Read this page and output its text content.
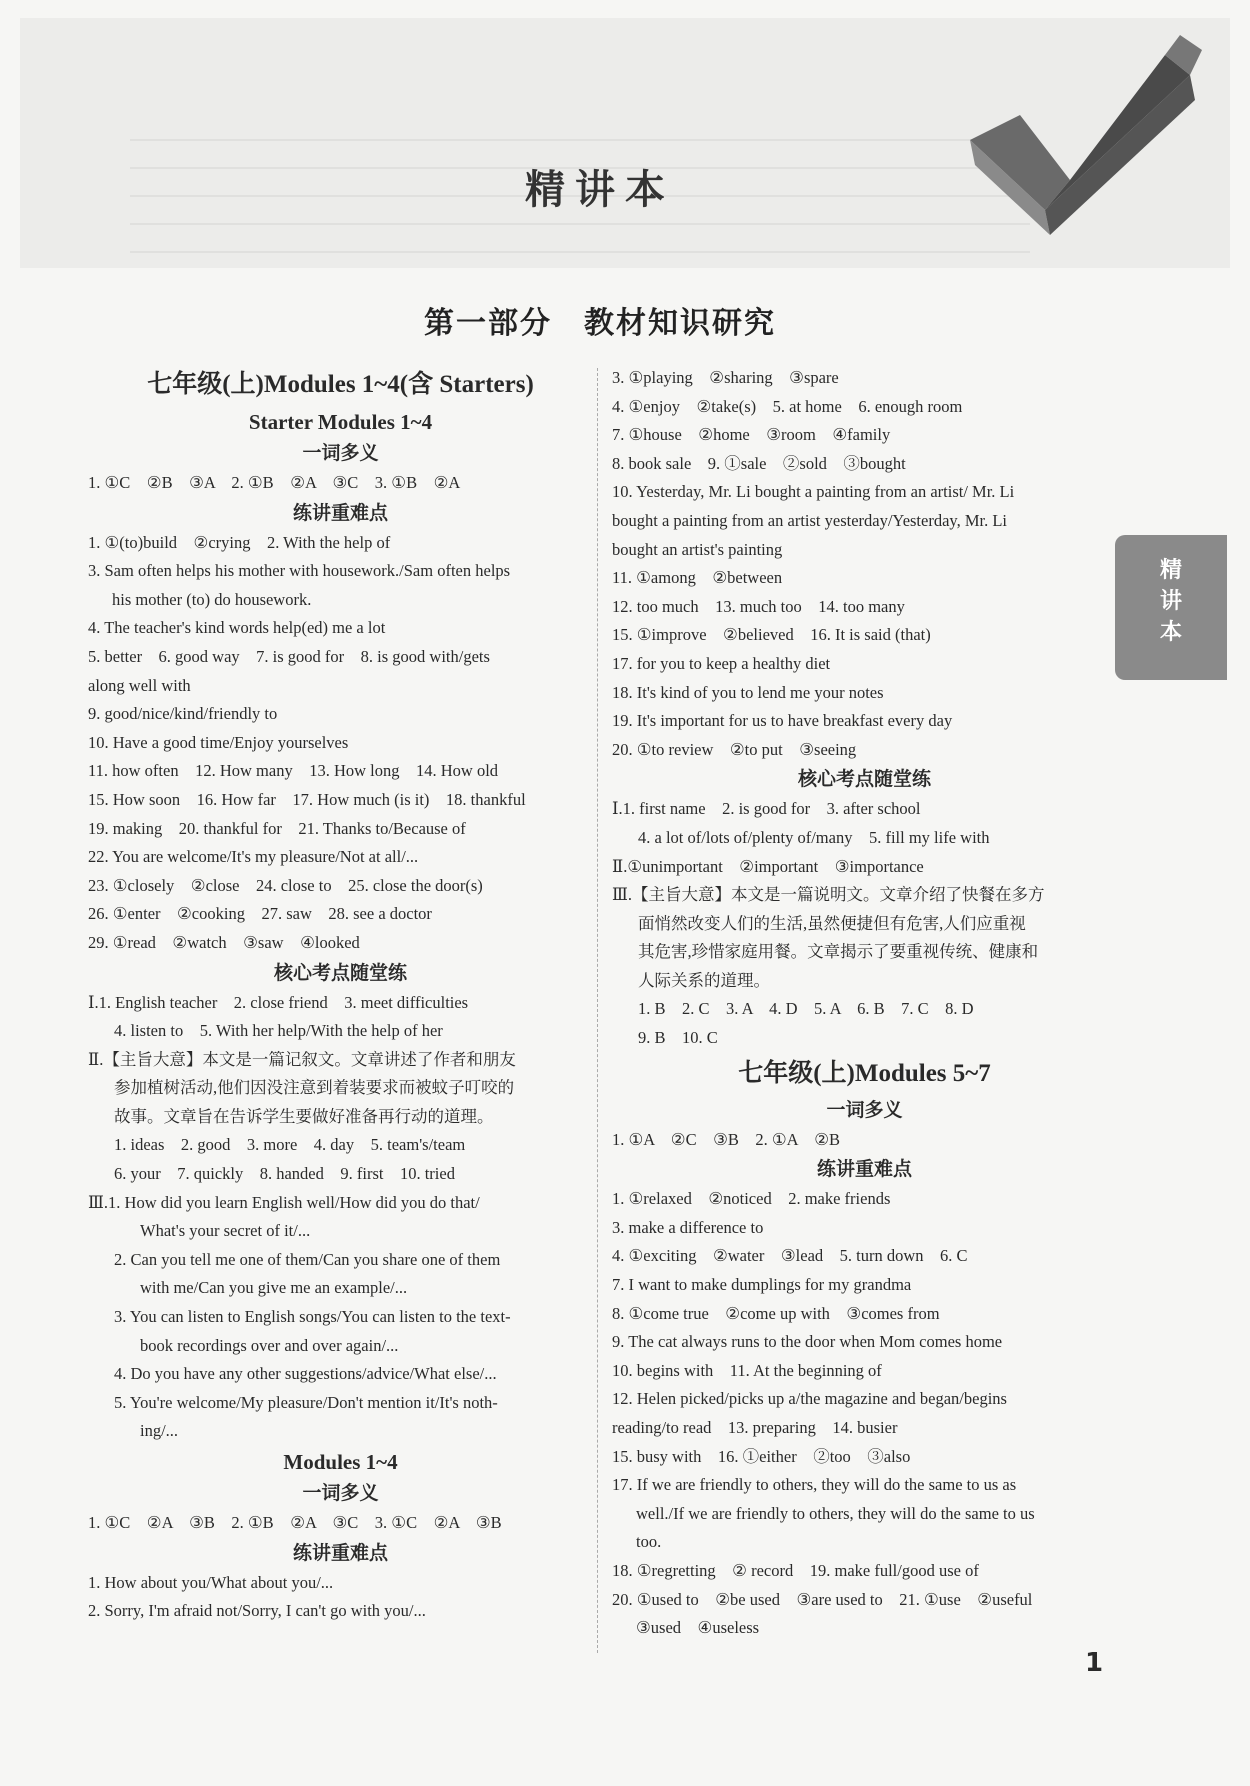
精讲本
第一部分　教材知识研究
七年级(上)Modules 1~4(含 Starters)
Starter Modules 1~4
一词多义
1. ①C　②B　③A　2. ①B　②A　③C　3. ①B　②A
练讲重难点
1. ①(to)build　②crying　2. With the help of
3. Sam often helps his mother with housework./Sam often helps
his mother (to) do housework.
4. The teacher's kind words help(ed) me a lot
5. better　6. good way　7. is good for　8. is good with/gets
along well with
9. good/nice/kind/friendly to
10. Have a good time/Enjoy yourselves
11. how often　12. How many　13. How long　14. How old
15. How soon　16. How far　17. How much (is it)　18. thankful
19. making　20. thankful for　21. Thanks to/Because of
22. You are welcome/It's my pleasure/Not at all/...
23. ①closely　②close　24. close to　25. close the door(s)
26. ①enter　②cooking　27. saw　28. see a doctor
29. ①read　②watch　③saw　④looked
核心考点随堂练
Ⅰ.1. English teacher　2. close friend　3. meet difficulties
4. listen to　5. With her help/With the help of her
Ⅱ.【主旨大意】本文是一篇记叙文。文章讲述了作者和朋友
参加植树活动,他们因没注意到着装要求而被蚊子叮咬的
故事。文章旨在告诉学生要做好准备再行动的道理。
1. ideas　2. good　3. more　4. day　5. team's/team
6. your　7. quickly　8. handed　9. first　10. tried
Ⅲ.1. How did you learn English well/How did you do that/
What's your secret of it/...
2. Can you tell me one of them/Can you share one of them
with me/Can you give me an example/...
3. You can listen to English songs/You can listen to the text-
book recordings over and over again/...
4. Do you have any other suggestions/advice/What else/...
5. You're welcome/My pleasure/Don't mention it/It's noth-
ing/...
Modules 1~4
一词多义
1. ①C　②A　③B　2. ①B　②A　③C　3. ①C　②A　③B
练讲重难点
1. How about you/What about you/...
2. Sorry, I'm afraid not/Sorry, I can't go with you/...
3. ①playing　②sharing　③spare
4. ①enjoy　②take(s)　5. at home　6. enough room
7. ①house　②home　③room　④family
8. book sale　9. ①sale　②sold　③bought
10. Yesterday, Mr. Li bought a painting from an artist/ Mr. Li
bought a painting from an artist yesterday/Yesterday, Mr. Li
bought an artist's painting
11. ①among　②between
12. too much　13. much too　14. too many
15. ①improve　②believed　16. It is said (that)
17. for you to keep a healthy diet
18. It's kind of you to lend me your notes
19. It's important for us to have breakfast every day
20. ①to review　②to put　③seeing
核心考点随堂练
Ⅰ.1. first name　2. is good for　3. after school
4. a lot of/lots of/plenty of/many　5. fill my life with
Ⅱ.①unimportant　②important　③importance
Ⅲ.【主旨大意】本文是一篇说明文。文章介绍了快餐在多方
面悄然改变人们的生活,虽然便捷但有危害,人们应重视
其危害,珍惜家庭用餐。文章揭示了要重视传统、健康和
人际关系的道理。
1. B　2. C　3. A　4. D　5. A　6. B　7. C　8. D
9. B　10. C
七年级(上)Modules 5~7
一词多义
1. ①A　②C　③B　2. ①A　②B
练讲重难点
1. ①relaxed　②noticed　2. make friends
3. make a difference to
4. ①exciting　②water　③lead　5. turn down　6. C
7. I want to make dumplings for my grandma
8. ①come true　②come up with　③comes from
9. The cat always runs to the door when Mom comes home
10. begins with　11. At the beginning of
12. Helen picked/picks up a/the magazine and began/begins
reading/to read　13. preparing　14. busier
15. busy with　16. ①either　②too　③also
17. If we are friendly to others, they will do the same to us as
well./If we are friendly to others, they will do the same to us
too.
18. ①regretting　② record　19. make full/good use of
20. ①used to　②be used　③are used to　21. ①use　②useful
③used　④useless
精
讲
本
1
